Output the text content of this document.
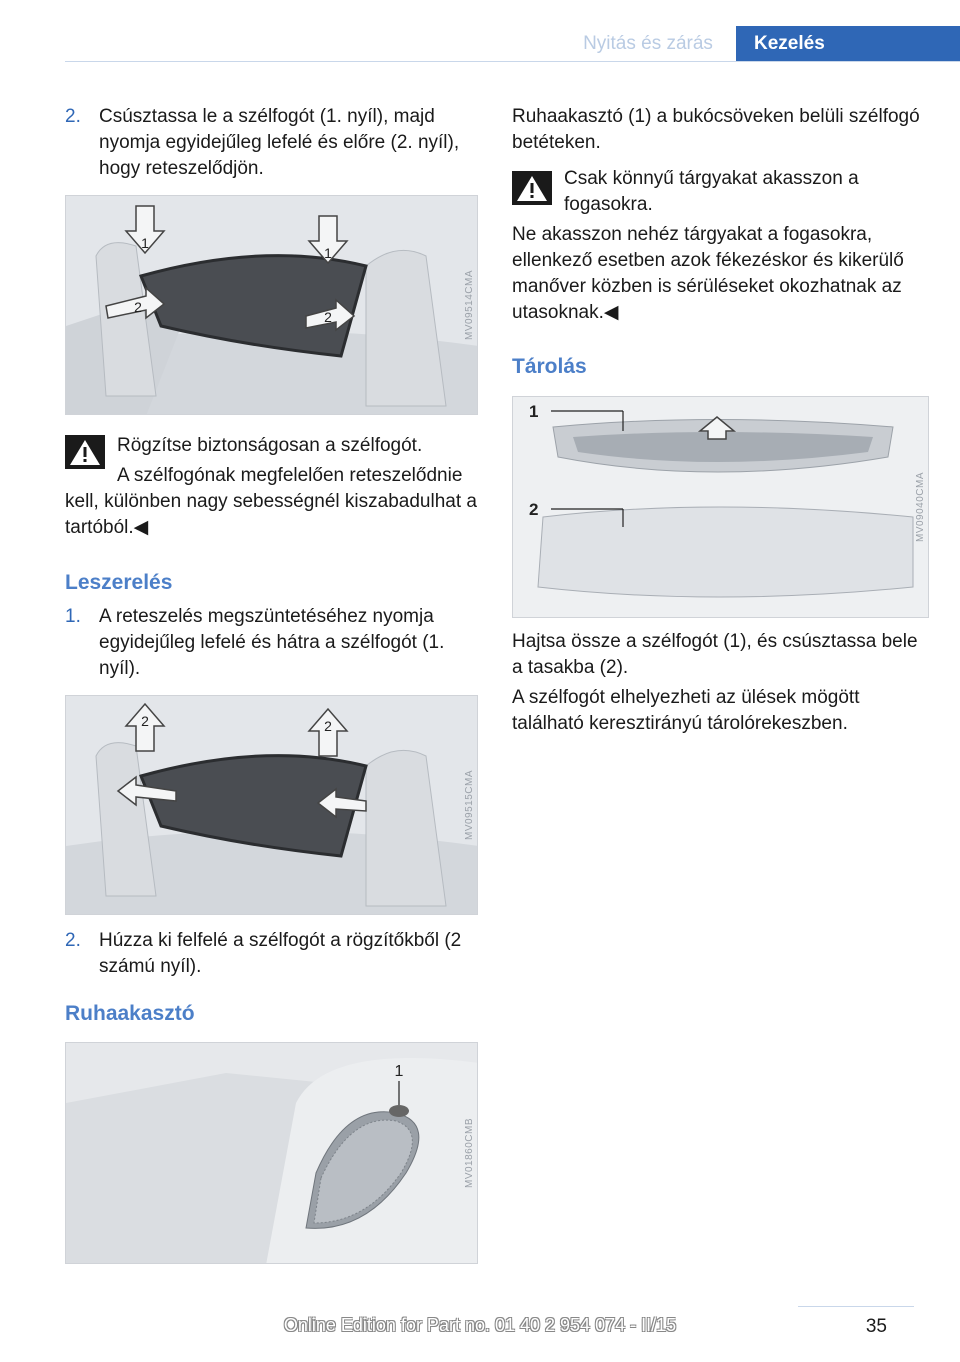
Nyitás és zárás	Kezelés
2. Csúsztassa le a szélfogót (1. nyíl), majd nyomja egyidejűleg lefelé és előre (2. nyíl), hogy reteszelődjön.
1
1
2
2	MV09514CMA
Rögzítse biztonságosan a szélfogót.
A szélfogónak megfelelően reteszelődnie kell, különben nagy sebességnél kiszabadulhat a tartóból.◀
Leszerelés
1. A reteszelés megszüntetéséhez nyomja egyidejűleg lefelé és hátra a szélfogót (1. nyíl).
2	2
MV09515CMA
2. Húzza ki felfelé a szélfogót a rögzítőkből (2 számú nyíl).
Ruhaakasztó
1
MV01860CMB

Ruhaakasztó (1) a bukócsöveken belüli szélfogó betéteken.

Csak könnyű tárgyakat akasszon a fogasokra.

Ne akasszon nehéz tárgyakat a fogasokra, ellenkező esetben azok fékezéskor és kikerülő manőver közben is sérüléseket okozhatnak az utasoknak.◀

Tárolás
1
2	MV09040CMA

Hajtsa össze a szélfogót (1), és csúsztassa bele a tasakba (2).

A szélfogót elhelyezheti az ülések mögött található keresztirányú tárolórekeszben.

Online Edition for Part no. 01 40 2 954 074 - II/15	35
